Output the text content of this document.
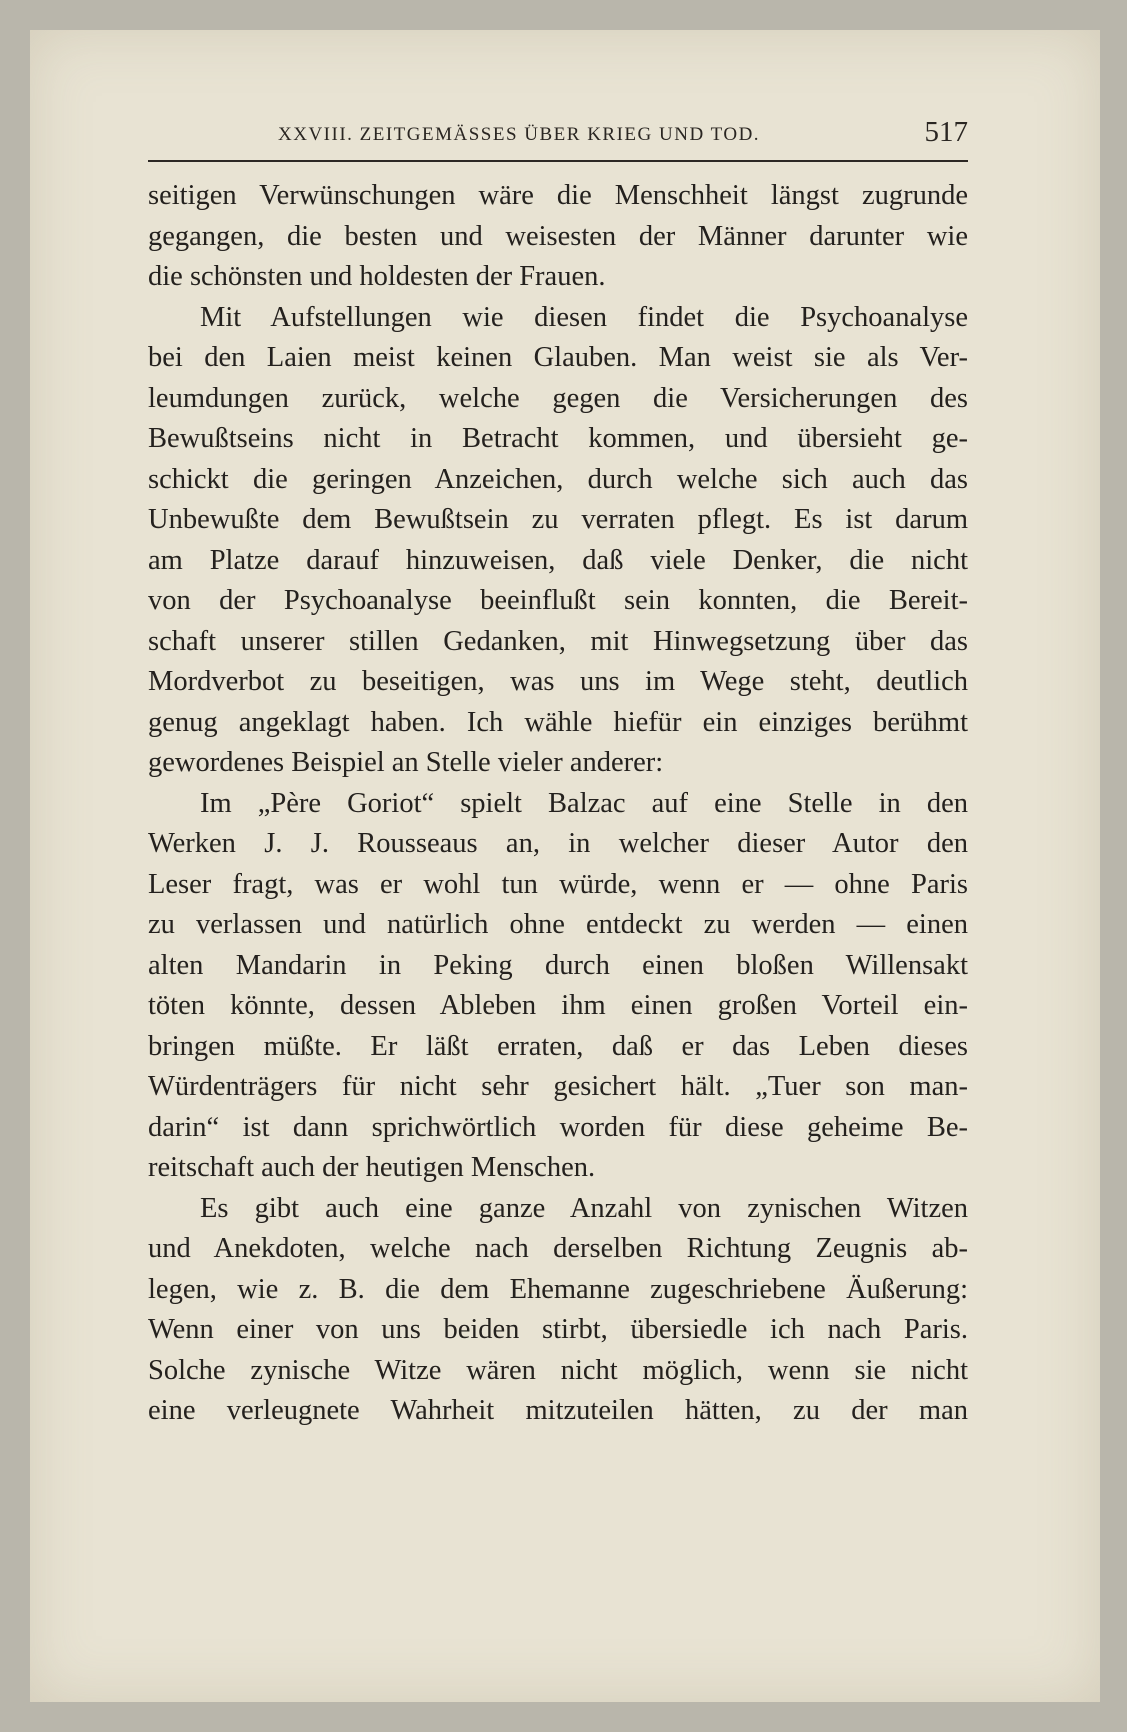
XXVIII. ZEITGEMÄSSES ÜBER KRIEG UND TOD.	517
seitigen Verwünschungen wäre die Menschheit längst zugrunde
gegangen, die besten und weisesten der Männer darunter wie
die schönsten und holdesten der Frauen.
Mit Aufstellungen wie diesen findet die Psychoanalyse
bei den Laien meist keinen Glauben. Man weist sie als Ver-
leumdungen zurück, welche gegen die Versicherungen des
Bewußtseins nicht in Betracht kommen, und übersieht ge-
schickt die geringen Anzeichen, durch welche sich auch das
Unbewußte dem Bewußtsein zu verraten pflegt. Es ist darum
am Platze darauf hinzuweisen, daß viele Denker, die nicht
von der Psychoanalyse beeinflußt sein konnten, die Bereit-
schaft unserer stillen Gedanken, mit Hinwegsetzung über das
Mordverbot zu beseitigen, was uns im Wege steht, deutlich
genug angeklagt haben. Ich wähle hiefür ein einziges berühmt
gewordenes Beispiel an Stelle vieler anderer:
Im „Père Goriot“ spielt Balzac auf eine Stelle in den
Werken J. J. Rousseaus an, in welcher dieser Autor den
Leser fragt, was er wohl tun würde, wenn er — ohne Paris
zu verlassen und natürlich ohne entdeckt zu werden — einen
alten Mandarin in Peking durch einen bloßen Willensakt
töten könnte, dessen Ableben ihm einen großen Vorteil ein-
bringen müßte. Er läßt erraten, daß er das Leben dieses
Würdenträgers für nicht sehr gesichert hält. „Tuer son man-
darin“ ist dann sprichwörtlich worden für diese geheime Be-
reitschaft auch der heutigen Menschen.
Es gibt auch eine ganze Anzahl von zynischen Witzen
und Anekdoten, welche nach derselben Richtung Zeugnis ab-
legen, wie z. B. die dem Ehemanne zugeschriebene Äußerung:
Wenn einer von uns beiden stirbt, übersiedle ich nach Paris.
Solche zynische Witze wären nicht möglich, wenn sie nicht
eine verleugnete Wahrheit mitzuteilen hätten, zu der man
